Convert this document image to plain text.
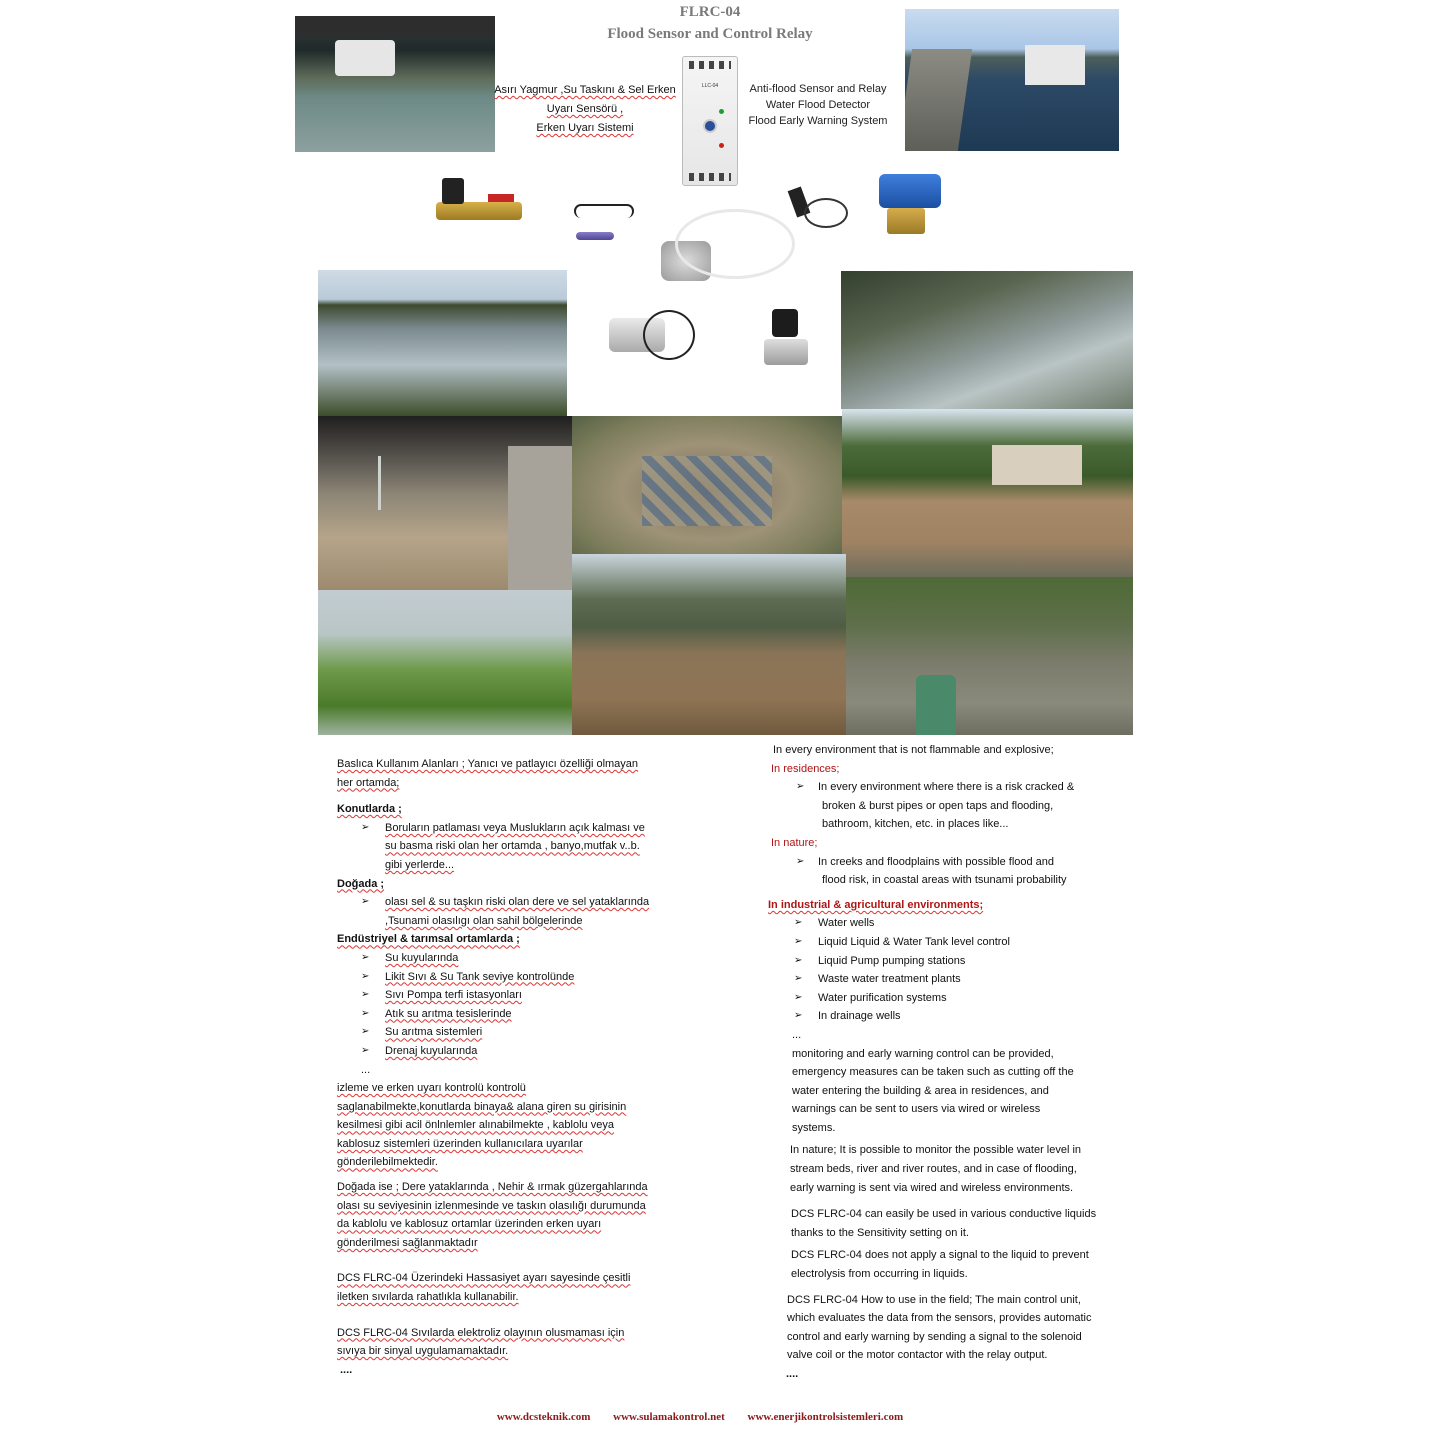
FLRC-04
Flood Sensor and Control Relay
Asırı Yagmur ,Su Taskını & Sel Erken
Uyarı Sensörü ,
Erken Uyarı Sistemi
Anti-flood Sensor and Relay
Water Flood Detector
Flood Early Warning System
LLC-04

Baslıca Kullanım Alanları ; Yanıcı ve patlayıcı özelliği olmayan

her ortamda;

Konutlarda ;

➢ Boruların patlaması veya Muslukların açık kalması ve

su basma riski olan her ortamda , banyo,mutfak v..b.

gibi yerlerde...

Doğada ;

➢ olası sel & su taşkın riski olan dere ve sel yataklarında

,Tsunami olasılıgı olan sahil bölgelerinde

Endüstriyel & tarımsal ortamlarda ;

➢ Su kuyularında

➢ Likit Sıvı & Su Tank seviye kontrolünde

➢ Sıvı Pompa terfi istasyonları

➢ Atık su arıtma tesislerinde

➢ Su arıtma sistemleri

➢ Drenaj kuyularında

...

izleme ve erken uyarı kontrolü kontrolü

saglanabilmekte,konutlarda binaya& alana giren su girisinin

kesilmesi gibi acil önlnlemler alınabilmekte , kablolu veya

kablosuz sistemleri üzerinden kullanıcılara uyarılar

gönderilebilmektedir.

Doğada ise ; Dere yataklarında , Nehir & ırmak güzergahlarında

olası su seviyesinin izlenmesinde ve taskın olasılığı durumunda

da kablolu ve kablosuz ortamlar üzerinden erken uyarı

gönderilmesi sağlanmaktadır

DCS FLRC-04 Üzerindeki Hassasiyet ayarı sayesinde çesitli

iletken sıvılarda rahatlıkla kullanabilir.

DCS FLRC-04 Sıvılarda elektroliz olayının olusmaması için

sıvıya bir sinyal uygulamamaktadır.

....

In every environment that is not flammable and explosive;

In residences;

➢ In every environment where there is a risk cracked &

broken & burst pipes or open taps and flooding,

bathroom, kitchen, etc. in places like...

In nature;

➢ In creeks and floodplains with possible flood and

flood risk, in coastal areas with tsunami probability

In industrial & agricultural environments;

➢ Water wells

➢ Liquid Liquid & Water Tank level control

➢ Liquid Pump pumping stations

➢ Waste water treatment plants

➢ Water purification systems

➢ In drainage wells

...

monitoring and early warning control can be provided,

emergency measures can be taken such as cutting off the

water entering the building & area in residences, and

warnings can be sent to users via wired or wireless

systems.

In nature; It is possible to monitor the possible water level in

stream beds, river and river routes, and in case of flooding,

early warning is sent via wired and wireless environments.

DCS FLRC-04 can easily be used in various conductive liquids

thanks to the Sensitivity setting on it.

DCS FLRC-04 does not apply a signal to the liquid to prevent

electrolysis from occurring in liquids.

DCS FLRC-04 How to use in the field; The main control unit,

which evaluates the data from the sensors, provides automatic

control and early warning by sending a signal to the solenoid

valve coil or the motor contactor with the relay output.

....

www.dcsteknik.com www.sulamakontrol.net www.enerjikontrolsistemleri.com
